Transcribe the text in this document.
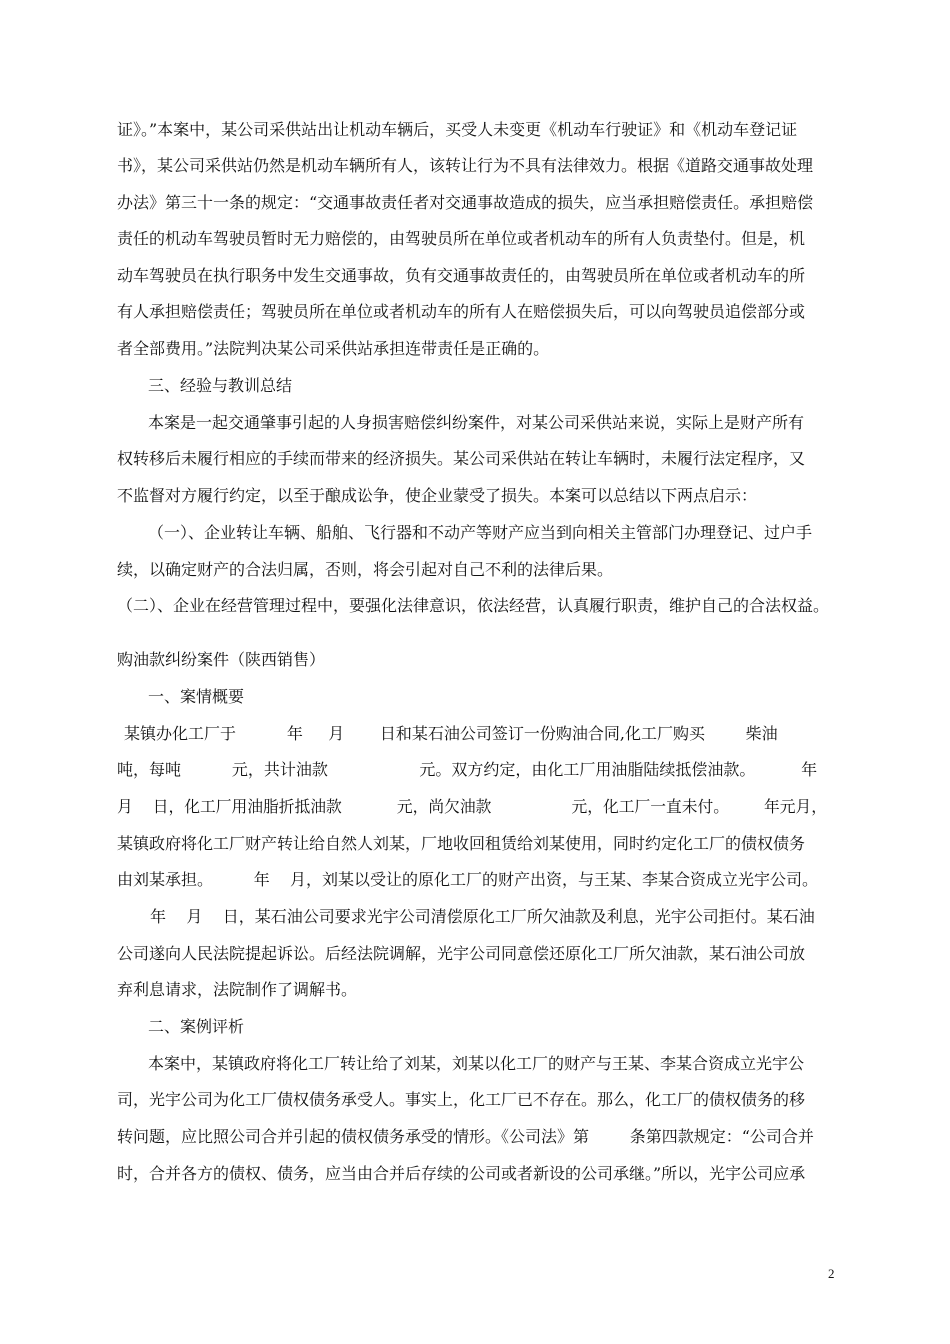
证》。”本案中，某公司采供站出让机动车辆后，买受人未变更《机动车行驶证》和《机动车登记证

书》，某公司采供站仍然是机动车辆所有人，该转让行为不具有法律效力。根据《道路交通事故处理

办法》第三十一条的规定：“交通事故责任者对交通事故造成的损失，应当承担赔偿责任。承担赔偿

责任的机动车驾驶员暂时无力赔偿的，由驾驶员所在单位或者机动车的所有人负责垫付。但是，机

动车驾驶员在执行职务中发生交通事故，负有交通事故责任的，由驾驶员所在单位或者机动车的所

有人承担赔偿责任；驾驶员所在单位或者机动车的所有人在赔偿损失后，可以向驾驶员追偿部分或

者全部费用。”法院判决某公司采供站承担连带责任是正确的。

三、经验与教训总结

本案是一起交通肇事引起的人身损害赔偿纠纷案件，对某公司采供站来说，实际上是财产所有

权转移后未履行相应的手续而带来的经济损失。某公司采供站在转让车辆时，未履行法定程序，又

不监督对方履行约定，以至于酿成讼争，使企业蒙受了损失。本案可以总结以下两点启示：

（一）、企业转让车辆、船舶、飞行器和不动产等财产应当到向相关主管部门办理登记、过户手

续，以确定财产的合法归属，否则，将会引起对自己不利的法律后果。

（二）、企业在经营管理过程中，要强化法律意识，依法经营，认真履行职责，维护自己的合法权益。

购油款纠纷案件（陕西销售）

一、案情概要

某镇办化工厂于          年     月       日和某石油公司签订一份购油合同,化工厂购买        柴油

吨，每吨          元，共计油款                  元。双方约定，由化工厂用油脂陆续抵偿油款。         年

月    日，化工厂用油脂折抵油款           元，尚欠油款                元，化工厂一直未付。       年元月，

某镇政府将化工厂财产转让给自然人刘某，厂地收回租赁给刘某使用，同时约定化工厂的债权债务

由刘某承担。        年    月，刘某以受让的原化工厂的财产出资，与王某、李某合资成立光宇公司。

年    月    日，某石油公司要求光宇公司清偿原化工厂所欠油款及利息，光宇公司拒付。某石油

公司遂向人民法院提起诉讼。后经法院调解，光宇公司同意偿还原化工厂所欠油款，某石油公司放

弃利息请求，法院制作了调解书。

二、案例评析

本案中，某镇政府将化工厂转让给了刘某，刘某以化工厂的财产与王某、李某合资成立光宇公

司，光宇公司为化工厂债权债务承受人。事实上，化工厂已不存在。那么，化工厂的债权债务的移

转问题，应比照公司合并引起的债权债务承受的情形。《公司法》第        条第四款规定：“公司合并

时，合并各方的债权、债务，应当由合并后存续的公司或者新设的公司承继。”所以，光宇公司应承

2
